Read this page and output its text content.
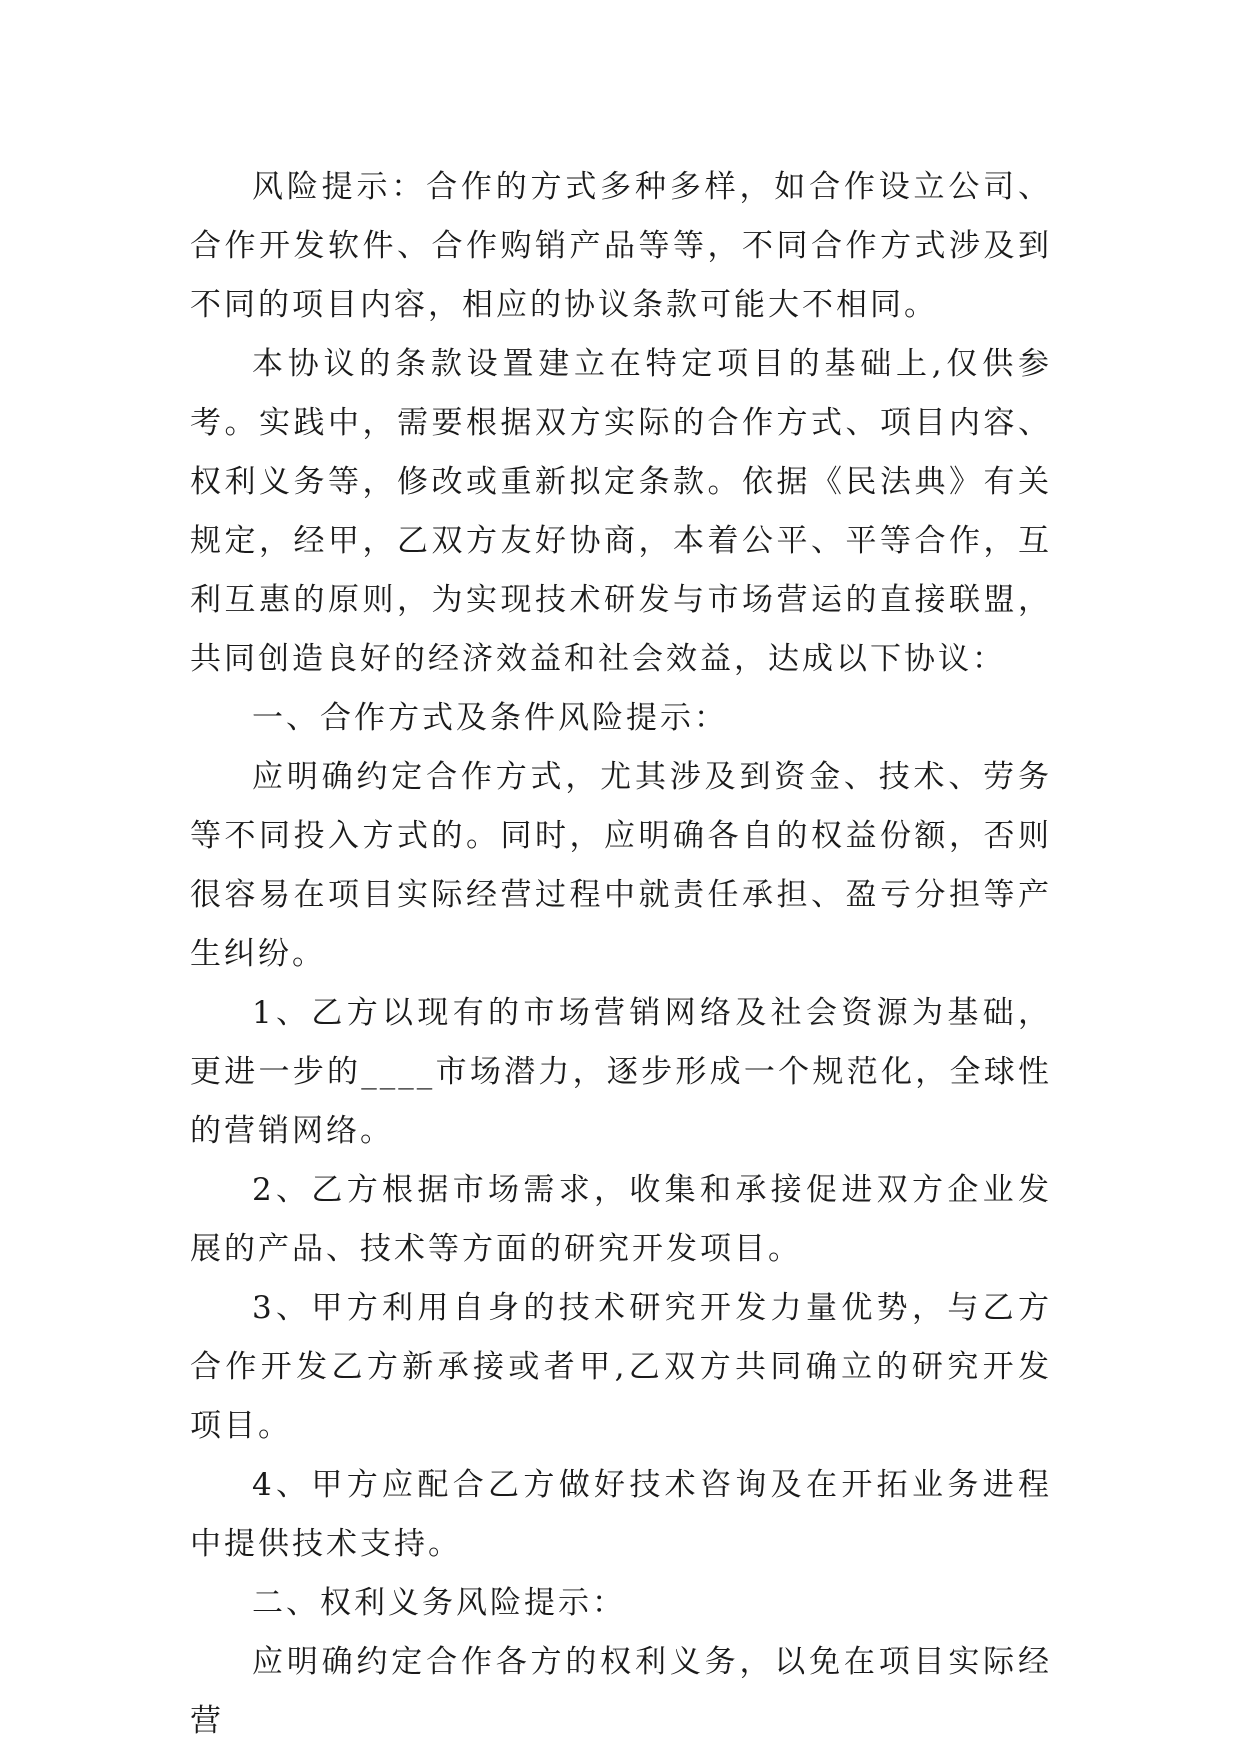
风险提示：合作的方式多种多样，如合作设立公司、合作开发软件、合作购销产品等等，不同合作方式涉及到不同的项目内容，相应的协议条款可能大不相同。

本协议的条款设置建立在特定项目的基础上,仅供参考。实践中，需要根据双方实际的合作方式、项目内容、权利义务等，修改或重新拟定条款。依据《民法典》有关规定，经甲，乙双方友好协商，本着公平、平等合作，互利互惠的原则，为实现技术研发与市场营运的直接联盟，共同创造良好的经济效益和社会效益，达成以下协议：

一、合作方式及条件风险提示：

应明确约定合作方式，尤其涉及到资金、技术、劳务等不同投入方式的。同时，应明确各自的权益份额，否则很容易在项目实际经营过程中就责任承担、盈亏分担等产生纠纷。

1、乙方以现有的市场营销网络及社会资源为基础，更进一步的____市场潜力，逐步形成一个规范化，全球性的营销网络。

2、乙方根据市场需求，收集和承接促进双方企业发展的产品、技术等方面的研究开发项目。

3、甲方利用自身的技术研究开发力量优势，与乙方合作开发乙方新承接或者甲,乙双方共同确立的研究开发项目。

4、甲方应配合乙方做好技术咨询及在开拓业务进程中提供技术支持。

二、权利义务风险提示：

应明确约定合作各方的权利义务，以免在项目实际经营
